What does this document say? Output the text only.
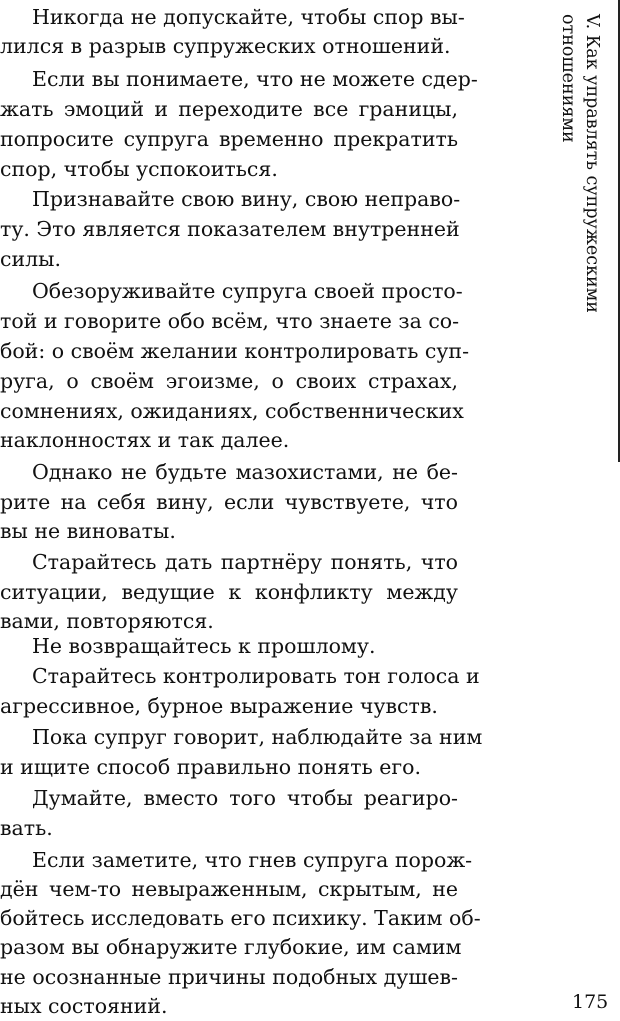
Никогда не допускайте, чтобы спор вы-
лился в разрыв супружеских отношений.
Если вы понимаете, что не можете сдер-
жать эмоций и переходите все границы,
попросите супруга временно прекратить
спор, чтобы успокоиться.
Признавайте свою вину, свою неправо-
ту. Это является показателем внутренней
силы.
Обезоруживайте супруга своей просто-
той и говорите обо всём, что знаете за со-
бой: о своём желании контролировать суп-
руга, о своём эгоизме, о своих страхах,
сомнениях, ожиданиях, собственнических
наклонностях и так далее.
Однако не будьте мазохистами, не бе-
рите на себя вину, если чувствуете, что
вы не виноваты.
Старайтесь дать партнёру понять, что
ситуации, ведущие к конфликту между
вами, повторяются.
Не возвращайтесь к прошлому.
Старайтесь контролировать тон голоса и
агрессивное, бурное выражение чувств.
Пока супруг говорит, наблюдайте за ним
и ищите способ правильно понять его.
Думайте, вместо того чтобы реагиро-
вать.
Если заметите, что гнев супруга порож-
дён чем-то невыраженным, скрытым, не
бойтесь исследовать его психику. Таким об-
разом вы обнаружите глубокие, им самим
не осознанные причины подобных душев-
ных состояний.
V. Как управлять супружескими
отношениями
175
